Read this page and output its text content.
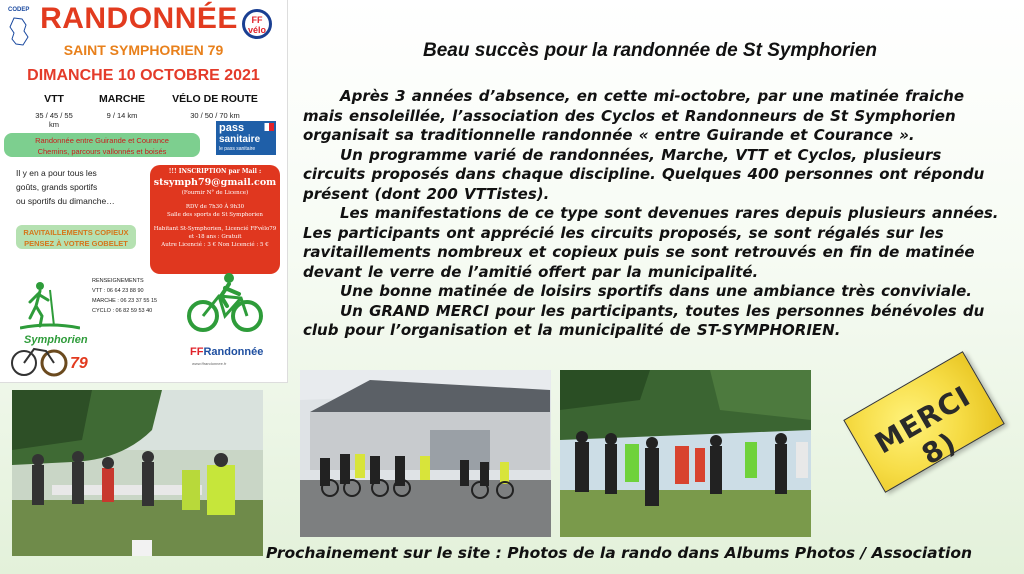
CODEP RANDONNÉE	FF
vélo
SAINT SYMPHORIEN 79
DIMANCHE 10 OCTOBRE 2021
VTT
35 / 45 / 55 km
MARCHE
9 / 14 km
VÉLO DE ROUTE
30 / 50 / 70 km
Randonnée entre Guirande et Courance
Chemins, parcours vallonnés et boisés
pass
sanitaire
le pass sanitaire
Il y en a pour tous les
goûts, grands sportifs
ou sportifs du dimanche…
RAVITAILLEMENTS COPIEUX
PENSEZ À VOTRE GOBELET
!!! INSCRIPTION par Mail :
stsymph79@gmail.com
(Fournir N° de Licence)
RDV de 7h30 À 9h30
Salle des sports de St Symphorien
Habitant St-Symphorien, Licencié FFvélo79
et -18 ans : Gratuit
Autre Licencié : 3 € Non Licencié : 5 €
RENSEIGNEMENTS
VTT : 06 64 23 88 90
MARCHE : 06 23 37 55 15
CYCLO : 06 82 59 53 40
Symphorien
79
FFRandonnée
www.ffrandonnee.fr
Beau succès pour la randonnée de St Symphorien

Après 3 années d’absence, en cette mi-octobre, par une matinée fraiche mais ensoleillée, l’association des Cyclos et Randonneurs de St Symphorien organisait sa traditionnelle randonnée « entre Guirande et Courance ».

Un programme varié de randonnées, Marche, VTT et Cyclos, plusieurs circuits proposés dans chaque discipline. Quelques 400 personnes ont répondu présent (dont 200 VTTistes).

Les manifestations de ce type sont devenues rares depuis plusieurs années. Les participants ont apprécié les circuits proposés, se sont régalés sur les ravitaillements nombreux et copieux puis se sont retrouvés en fin de matinée devant le verre de l’amitié offert par la municipalité.

Une bonne matinée de loisirs sportifs dans une ambiance très conviviale.

Un GRAND MERCI pour les participants, toutes les personnes bénévoles du club pour l’organisation et la municipalité de ST-SYMPHORIEN.

MERCI 8)
Prochainement sur le site : Photos de la rando dans Albums Photos / Association
